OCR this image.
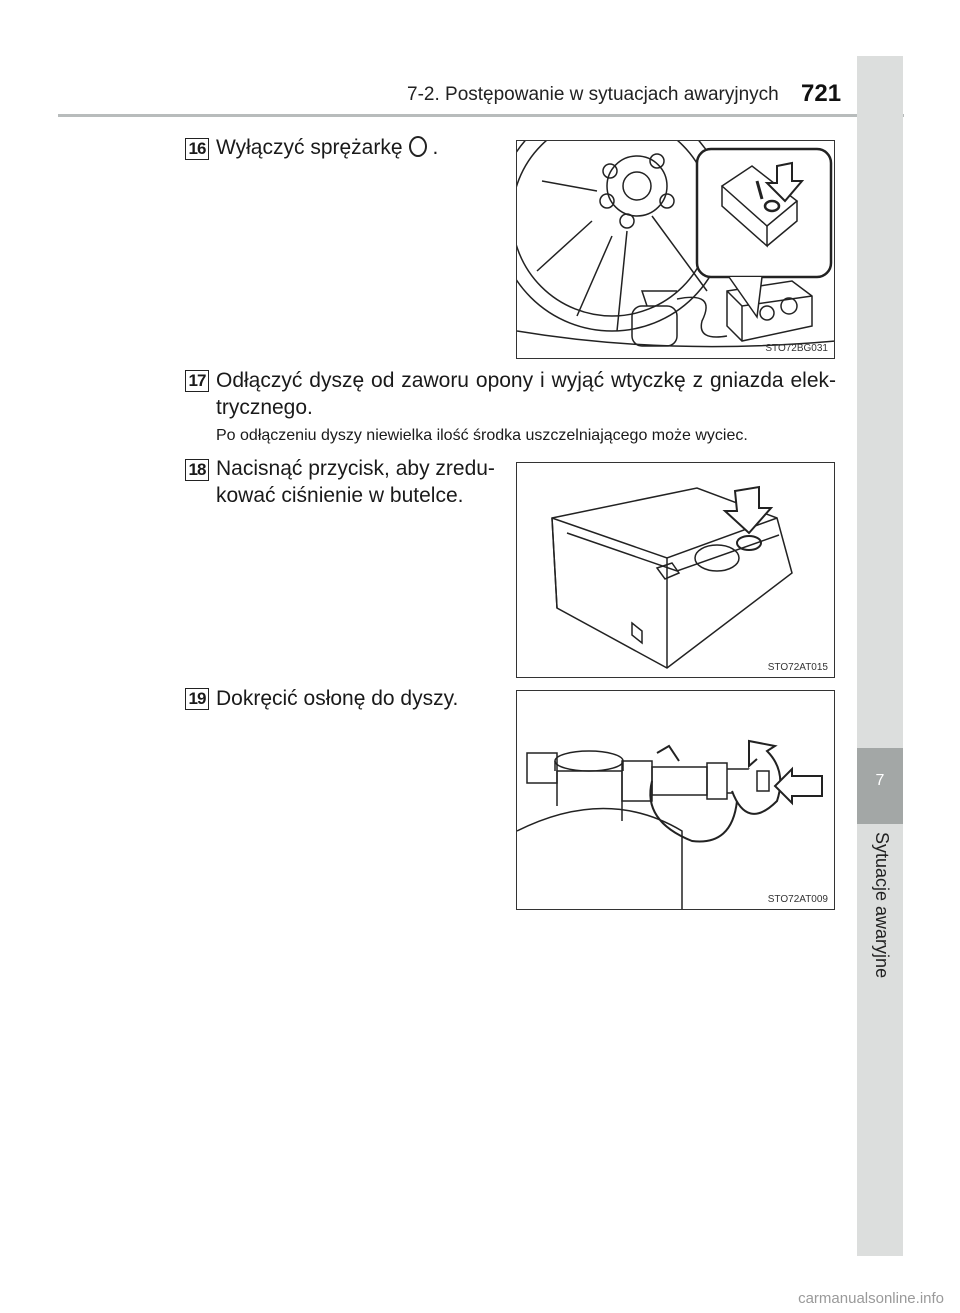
7-2. Postępowanie w sytuacjach awaryjnych 721
7
Sytuacje awaryjne
16 Wyłączyć sprężarkę .
STO72BG031
17 Odłączyć dyszę od zaworu opony i wyjąć wtyczkę z gniazda elek-trycznego.
Po odłączeniu dyszy niewielka ilość środka uszczelniającego może wyciec.
18 Nacisnąć przycisk, aby zredu-kować ciśnienie w butelce.
STO72AT015
19 Dokręcić osłonę do dyszy.
STO72AT009
carmanualsonline.info
